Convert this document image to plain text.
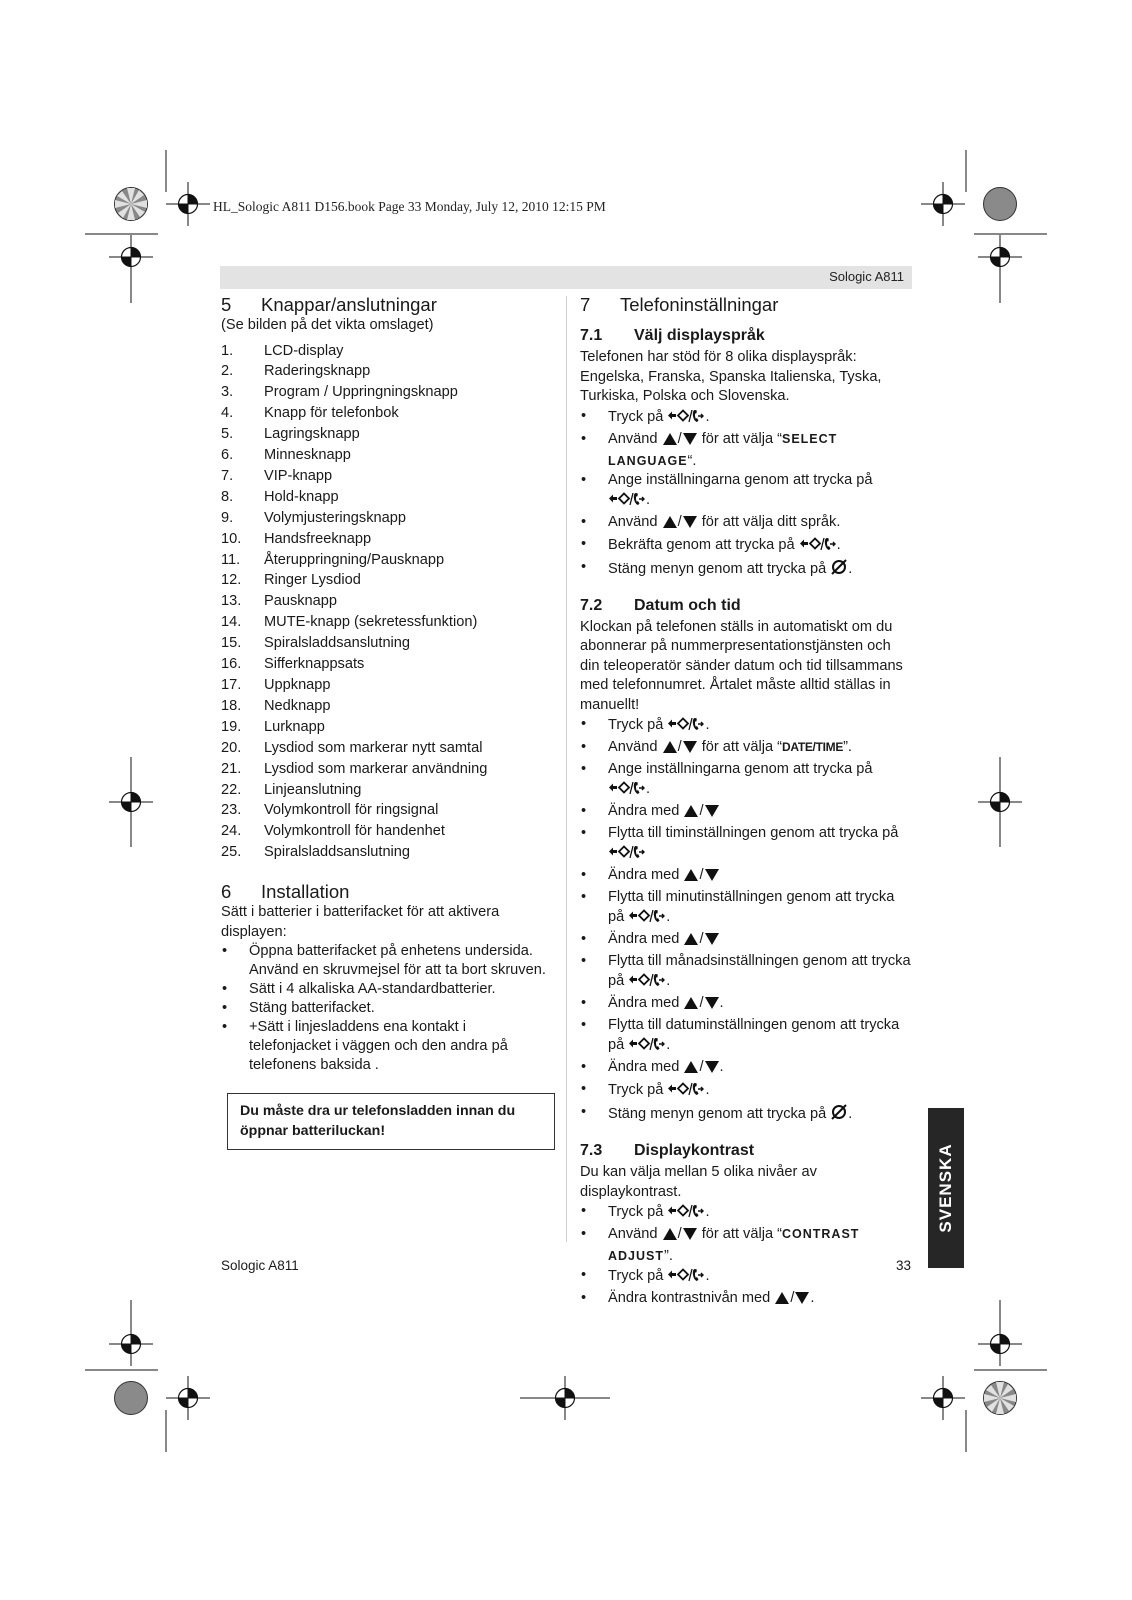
HL_Sologic A811 D156.book Page 33 Monday, July 12, 2010 12:15 PM
Sologic A811
5	Knappar/anslutningar

(Se bilden på det vikta omslaget)

1.	LCD-display
2.	Raderingsknapp
3.	Program / Uppringningsknapp
4.	Knapp för telefonbok
5.	Lagringsknapp
6.	Minnesknapp
7.	VIP-knapp
8.	Hold-knapp
9.	Volymjusteringsknapp
10.	Handsfreeknapp
11.	Återuppringning/Pausknapp
12.	Ringer Lysdiod
13.	Pausknapp
14.	MUTE-knapp (sekretessfunktion)
15.	Spiralsladdsanslutning
16.	Sifferknappsats
17.	Uppknapp
18.	Nedknapp
19.	Lurknapp
20.	Lysdiod som markerar nytt samtal
21.	Lysdiod som markerar användning
22.	Linjeanslutning
23.	Volymkontroll för ringsignal
24.	Volymkontroll för handenhet
25.	Spiralsladdsanslutning
6	Installation

Sätt i batterier i batterifacket för att aktivera displayen:

•	Öppna batterifacket på enhetens undersida. Använd en skruvmejsel för att ta bort skruven.
•	Sätt i 4 alkaliska AA-standardbatterier.
•	Stäng batterifacket.
•	+Sätt i linjesladdens ena kontakt i telefonjacket i väggen och den andra på telefonens baksida .
Du måste dra ur telefonsladden innan du öppnar batteriluckan!
7	Telefoninställningar
7.1	Välj displayspråk

Telefonen har stöd för 8 olika displayspråk: Engelska, Franska, Spanska Italienska, Tyska, Turkiska, Polska och Slovenska.

•	Tryck på	.
•	Använd / för att välja “SELECT LANGUAGE“.
•	Ange inställningarna genom att trycka på .
•	Använd / för att välja ditt språk.
•	Bekräfta genom att trycka på	.
•	Stäng menyn genom att trycka på .
7.2	Datum och tid

Klockan på telefonen ställs in automatiskt om du abonnerar på nummerpresentationstjänsten och din teleoperatör sänder datum och tid tillsammans med telefonnumret. Årtalet måste alltid ställas in manuellt!

•	Tryck på	.
•	Använd / för att välja “DATE/TIME”.
•	Ange inställningarna genom att trycka på .
•	Ändra med /
•	Flytta till timinställningen genom att trycka på
•	Ändra med /
•	Flytta till minutinställningen genom att trycka på	.
•	Ändra med /
•	Flytta till månadsinställningen genom att trycka på	.
•	Ändra med / .
•	Flytta till datuminställningen genom att trycka på	.
•	Ändra med / .
•	Tryck på	.
•	Stäng menyn genom att trycka på .
7.3	Displaykontrast

Du kan välja mellan 5 olika nivåer av displaykontrast.

•	Tryck på	.
•	Använd / för att välja “CONTRAST ADJUST”.
•	Tryck på	.
•	Ändra kontrastnivån med / .
Sologic A811	33
SVENSKA
